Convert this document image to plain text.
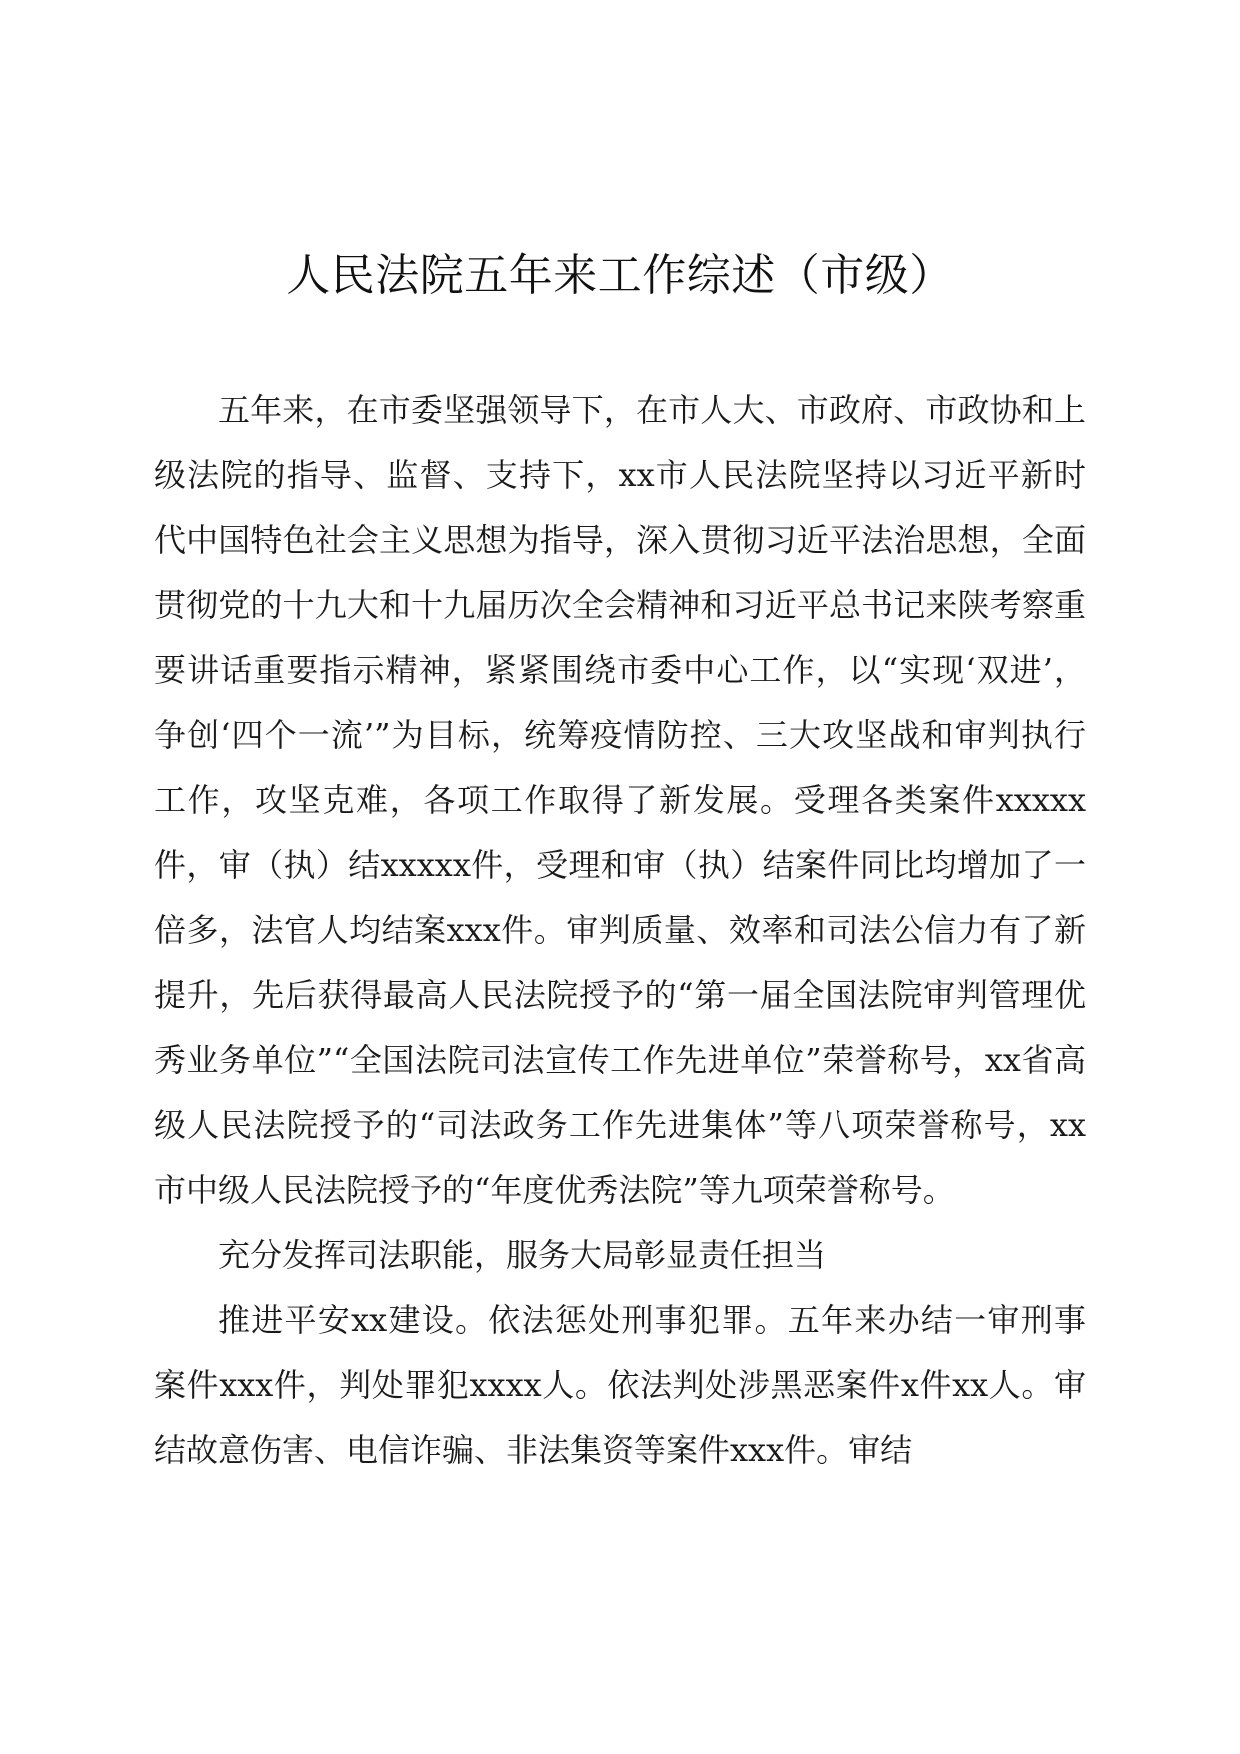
人民法院五年来工作综述（市级）

五年来，在市委坚强领导下，在市人大、市政府、市政协和上级法院的指导、监督、支持下，xx市人民法院坚持以习近平新时代中国特色社会主义思想为指导，深入贯彻习近平法治思想，全面贯彻党的十九大和十九届历次全会精神和习近平总书记来陕考察重要讲话重要指示精神，紧紧围绕市委中心工作，以“实现‘双进’，争创‘四个一流’”为目标，统筹疫情防控、三大攻坚战和审判执行工作，攻坚克难，各项工作取得了新发展。受理各类案件xxxxx件，审（执）结xxxxx件，受理和审（执）结案件同比均增加了一倍多，法官人均结案xxx件。审判质量、效率和司法公信力有了新提升，先后获得最高人民法院授予的“第一届全国法院审判管理优秀业务单位”“全国法院司法宣传工作先进单位”荣誉称号，xx省高级人民法院授予的“司法政务工作先进集体”等八项荣誉称号，xx市中级人民法院授予的“年度优秀法院”等九项荣誉称号。

充分发挥司法职能，服务大局彰显责任担当

推进平安xx建设。依法惩处刑事犯罪。五年来办结一审刑事案件xxx件，判处罪犯xxxx人。依法判处涉黑恶案件x件xx人。审结故意伤害、电信诈骗、非法集资等案件xxx件。审结
